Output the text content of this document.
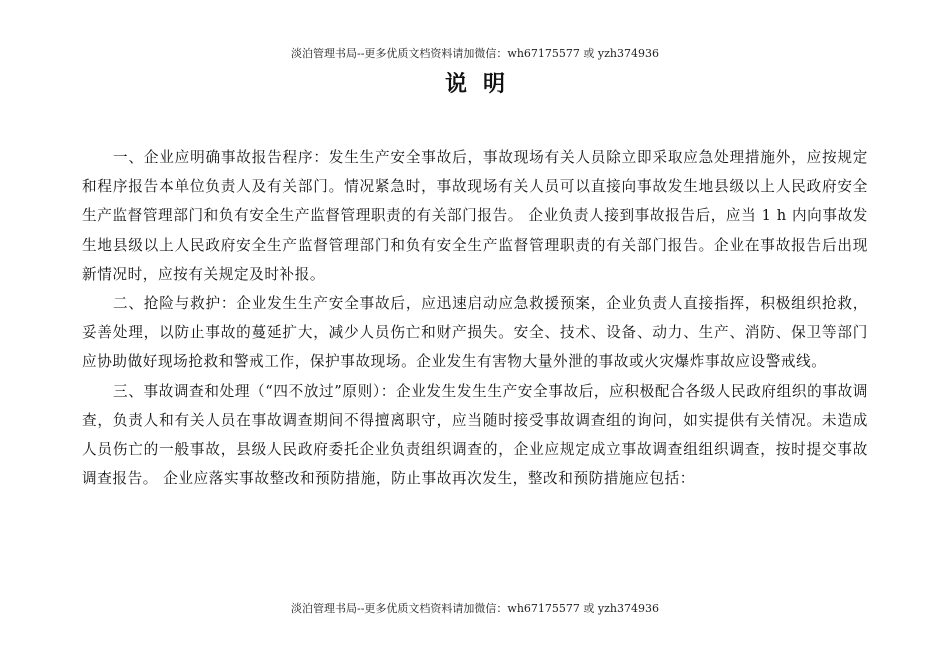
淡泊管理书局--更多优质文档资料请加微信：wh67175577 或 yzh374936
说明

一、企业应明确事故报告程序：发生生产安全事故后，事故现场有关人员除立即采取应急处理措施外，应按规定和程序报告本单位负责人及有关部门。情况紧急时，事故现场有关人员可以直接向事故发生地县级以上人民政府安全生产监督管理部门和负有安全生产监督管理职责的有关部门报告。 企业负责人接到事故报告后，应当 1 h 内向事故发生地县级以上人民政府安全生产监督管理部门和负有安全生产监督管理职责的有关部门报告。企业在事故报告后出现新情况时，应按有关规定及时补报。

二、抢险与救护：企业发生生产安全事故后，应迅速启动应急救援预案，企业负责人直接指挥，积极组织抢救，妥善处理，以防止事故的蔓延扩大，减少人员伤亡和财产损失。安全、技术、设备、动力、生产、消防、保卫等部门应协助做好现场抢救和警戒工作，保护事故现场。企业发生有害物大量外泄的事故或火灾爆炸事故应设警戒线。

三、事故调查和处理（“四不放过”原则）：企业发生发生生产安全事故后，应积极配合各级人民政府组织的事故调查，负责人和有关人员在事故调查期间不得擅离职守，应当随时接受事故调查组的询问，如实提供有关情况。未造成人员伤亡的一般事故，县级人民政府委托企业负责组织调查的，企业应规定成立事故调查组组织调查，按时提交事故调查报告。 企业应落实事故整改和预防措施，防止事故再次发生，整改和预防措施应包括：

淡泊管理书局--更多优质文档资料请加微信：wh67175577 或 yzh374936
